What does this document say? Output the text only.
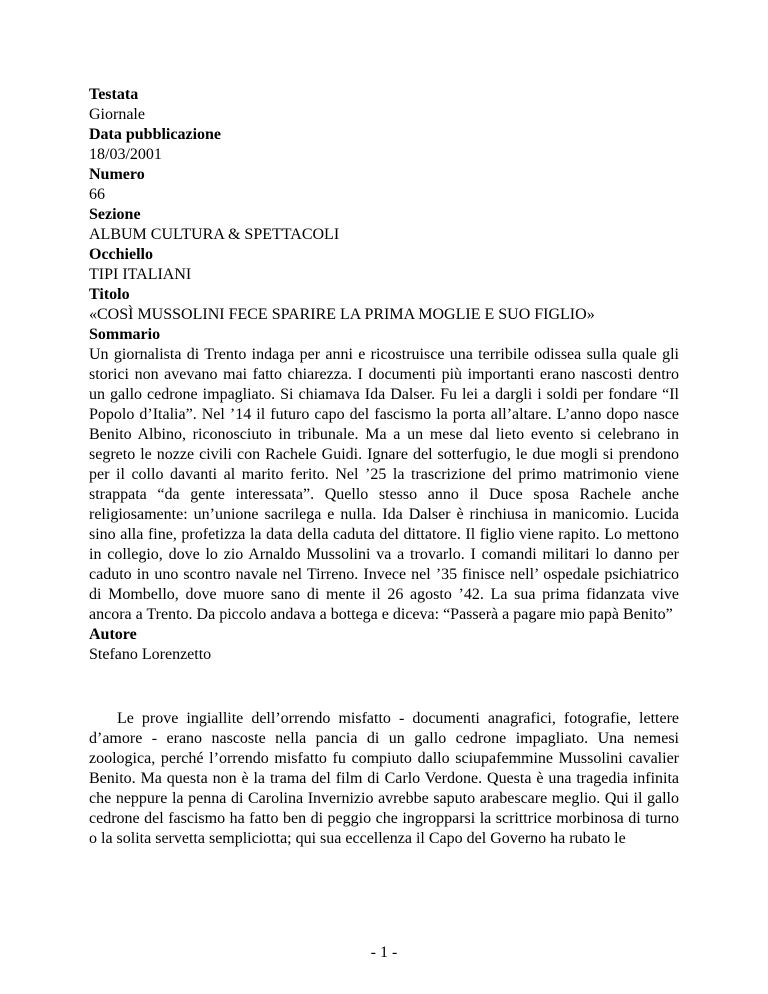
Testata
Giornale
Data pubblicazione
18/03/2001
Numero
66
Sezione
ALBUM CULTURA & SPETTACOLI
Occhiello
TIPI ITALIANI
Titolo
«COSÌ MUSSOLINI FECE SPARIRE LA PRIMA MOGLIE E SUO FIGLIO»
Sommario
Un giornalista di Trento indaga per anni e ricostruisce una terribile odissea sulla quale gli storici non avevano mai fatto chiarezza. I documenti più importanti erano nascosti dentro un gallo cedrone impagliato. Si chiamava Ida Dalser. Fu lei a dargli i soldi per fondare “Il Popolo d’Italia”. Nel ’14 il futuro capo del fascismo la porta all’altare. L’anno dopo nasce Benito Albino, riconosciuto in tribunale. Ma a un mese dal lieto evento si celebrano in segreto le nozze civili con Rachele Guidi. Ignare del sotterfugio, le due mogli si prendono per il collo davanti al marito ferito. Nel ’25 la trascrizione del primo matrimonio viene strappata “da gente interessata”. Quello stesso anno il Duce sposa Rachele anche religiosamente: un’unione sacrilega e nulla. Ida Dalser è rinchiusa in manicomio. Lucida sino alla fine, profetizza la data della caduta del dittatore. Il figlio viene rapito. Lo mettono in collegio, dove lo zio Arnaldo Mussolini va a trovarlo. I comandi militari lo danno per caduto in uno scontro navale nel Tirreno. Invece nel ’35 finisce nell’ ospedale psichiatrico di Mombello, dove muore sano di mente il 26 agosto ’42. La sua prima fidanzata vive ancora a Trento. Da piccolo andava a bottega e diceva: “Passerà a pagare mio papà Benito”
Autore
Stefano Lorenzetto

Le prove ingiallite dell’orrendo misfatto - documenti anagrafici, fotografie, lettere d’amore - erano nascoste nella pancia di un gallo cedrone impagliato. Una nemesi zoologica, perché l’orrendo misfatto fu compiuto dallo sciupafemmine Mussolini cavalier Benito. Ma questa non è la trama del film di Carlo Verdone. Questa è una tragedia infinita che neppure la penna di Carolina Invernizio avrebbe saputo arabescare meglio. Qui il gallo cedrone del fascismo ha fatto ben di peggio che ingropparsi la scrittrice morbinosa di turno o la solita servetta sempliciotta; qui sua eccellenza il Capo del Governo ha rubato le

- 1 -
